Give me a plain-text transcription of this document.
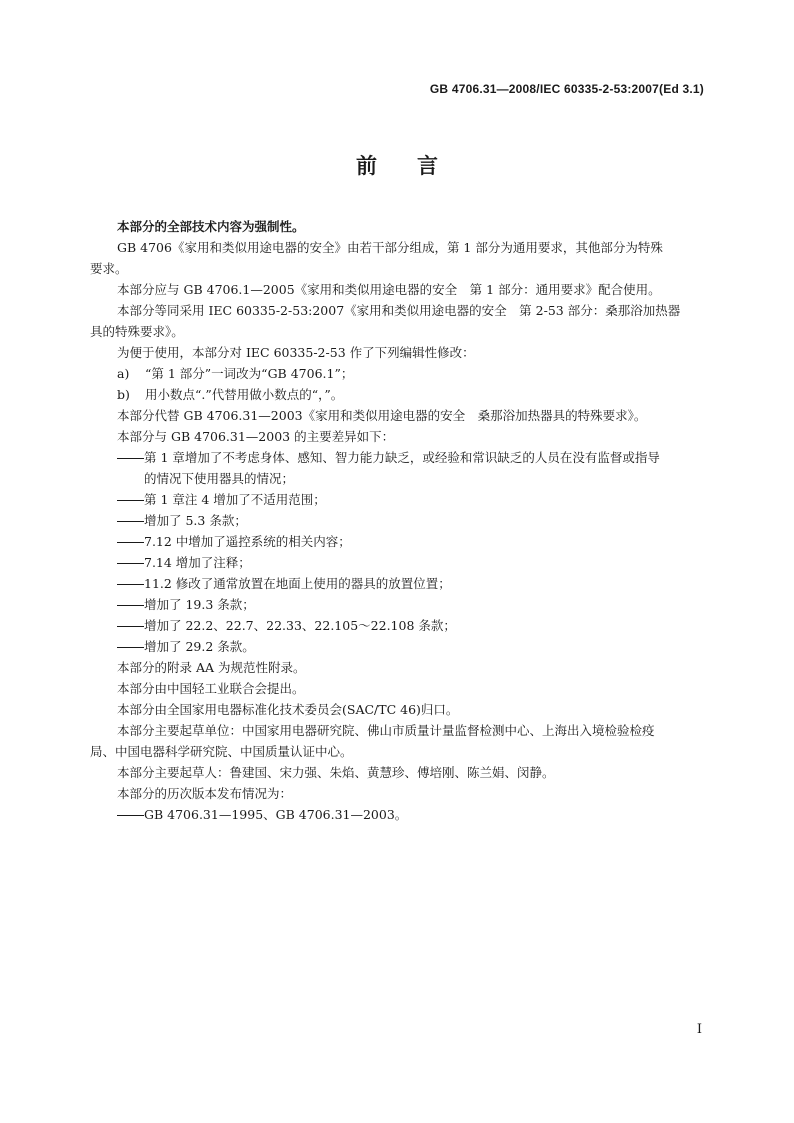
GB 4706.31—2008/IEC 60335-2-53:2007(Ed 3.1)
前言

本部分的全部技术内容为强制性。

GB 4706《家用和类似用途电器的安全》由若干部分组成，第 1 部分为通用要求，其他部分为特殊

要求。

本部分应与 GB 4706.1—2005《家用和类似用途电器的安全　第 1 部分：通用要求》配合使用。

本部分等同采用 IEC 60335-2-53:2007《家用和类似用途电器的安全　第 2-53 部分：桑那浴加热器

具的特殊要求》。

为便于使用，本部分对 IEC 60335-2-53 作了下列编辑性修改：

a) “第 1 部分”一词改为“GB 4706.1”；

b) 用小数点“.”代替用做小数点的“，”。

本部分代替 GB 4706.31—2003《家用和类似用途电器的安全　桑那浴加热器具的特殊要求》。

本部分与 GB 4706.31—2003 的主要差异如下：

第 1 章增加了不考虑身体、感知、智力能力缺乏，或经验和常识缺乏的人员在没有监督或指导
的情况下使用器具的情况；
第 1 章注 4 增加了不适用范围；
增加了 5.3 条款；
7.12 中增加了遥控系统的相关内容；
7.14 增加了注释；
11.2 修改了通常放置在地面上使用的器具的放置位置；
增加了 19.3 条款；
增加了 22.2、22.7、22.33、22.105～22.108 条款；
增加了 29.2 条款。

本部分的附录 AA 为规范性附录。

本部分由中国轻工业联合会提出。

本部分由全国家用电器标准化技术委员会(SAC/TC 46)归口。

本部分主要起草单位：中国家用电器研究院、佛山市质量计量监督检测中心、上海出入境检验检疫

局、中国电器科学研究院、中国质量认证中心。

本部分主要起草人：鲁建国、宋力强、朱焰、黄慧珍、傅培刚、陈兰娟、闵静。

本部分的历次版本发布情况为：

GB 4706.31—1995、GB 4706.31—2003。
I
